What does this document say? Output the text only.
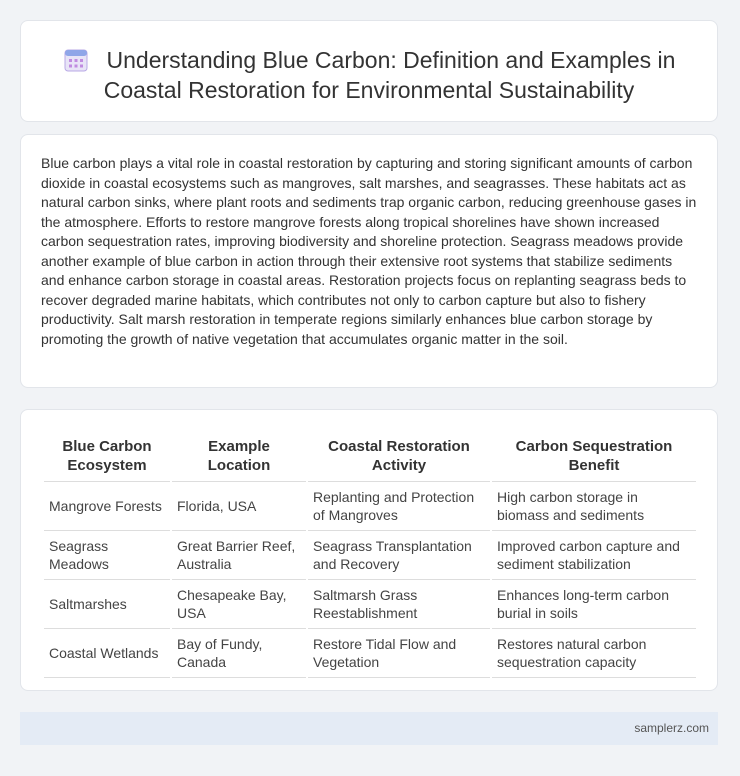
Understanding Blue Carbon: Definition and Examples in Coastal Restoration for Environmental Sustainability
Blue carbon plays a vital role in coastal restoration by capturing and storing significant amounts of carbon dioxide in coastal ecosystems such as mangroves, salt marshes, and seagrasses. These habitats act as natural carbon sinks, where plant roots and sediments trap organic carbon, reducing greenhouse gases in the atmosphere. Efforts to restore mangrove forests along tropical shorelines have shown increased carbon sequestration rates, improving biodiversity and shoreline protection. Seagrass meadows provide another example of blue carbon in action through their extensive root systems that stabilize sediments and enhance carbon storage in coastal areas. Restoration projects focus on replanting seagrass beds to recover degraded marine habitats, which contributes not only to carbon capture but also to fishery productivity. Salt marsh restoration in temperate regions similarly enhances blue carbon storage by promoting the growth of native vegetation that accumulates organic matter in the soil.
Blue Carbon Ecosystem	Example Location	Coastal Restoration Activity	Carbon Sequestration Benefit
Mangrove Forests	Florida, USA	Replanting and Protection of Mangroves	High carbon storage in biomass and sediments
Seagrass Meadows	Great Barrier Reef, Australia	Seagrass Transplantation and Recovery	Improved carbon capture and sediment stabilization
Saltmarshes	Chesapeake Bay, USA	Saltmarsh Grass Reestablishment	Enhances long-term carbon burial in soils
Coastal Wetlands	Bay of Fundy, Canada	Restore Tidal Flow and Vegetation	Restores natural carbon sequestration capacity
samplerz.com
